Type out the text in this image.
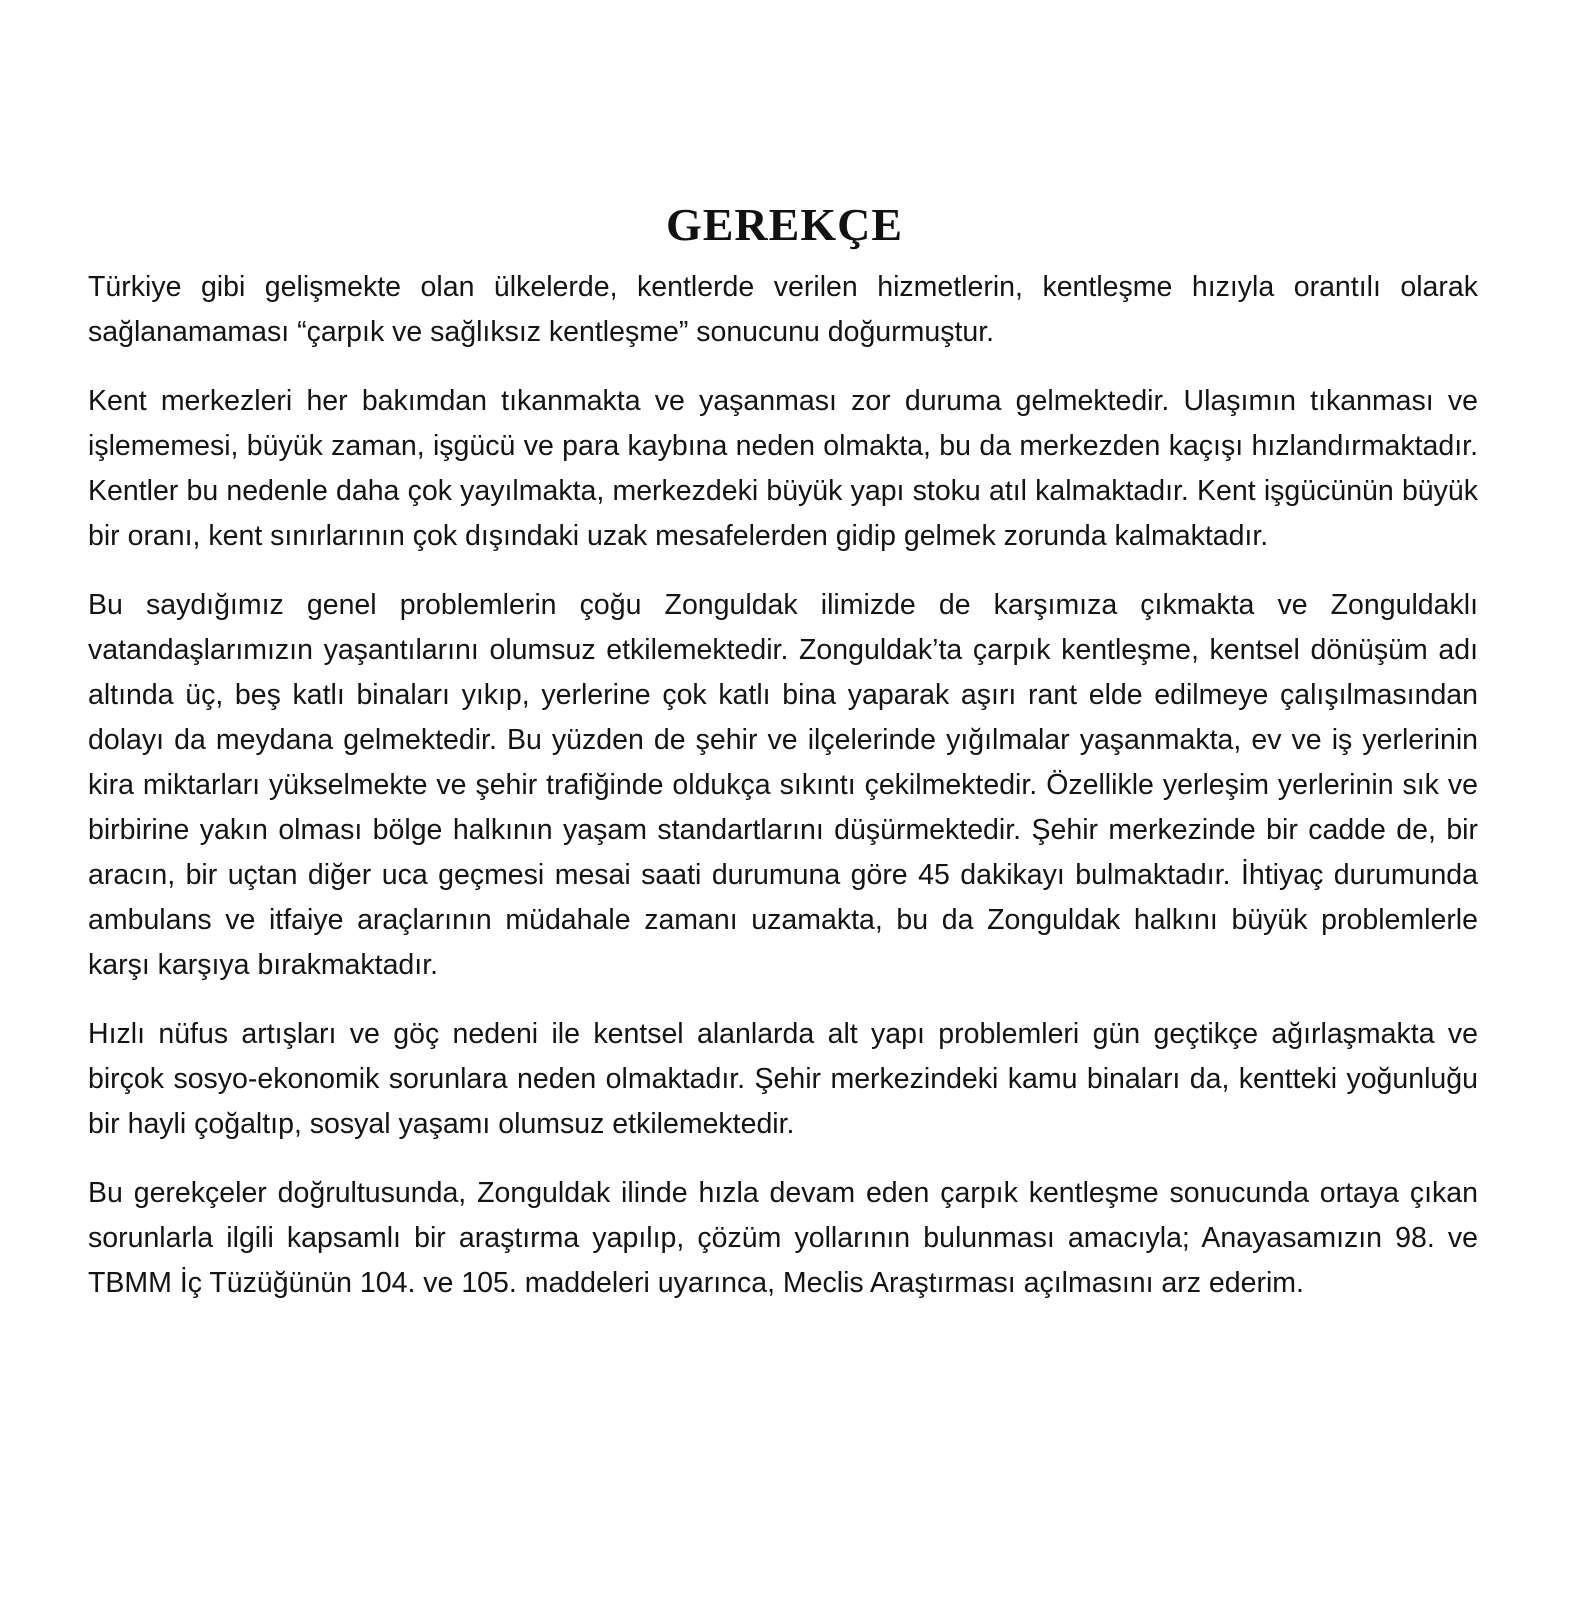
GEREKÇE

Türkiye gibi gelişmekte olan ülkelerde, kentlerde verilen hizmetlerin, kentleşme hızıyla orantılı olarak sağlanamaması “çarpık ve sağlıksız kentleşme” sonucunu doğurmuştur.

Kent merkezleri her bakımdan tıkanmakta ve yaşanması zor duruma gelmektedir. Ulaşımın tıkanması ve işlememesi, büyük zaman, işgücü ve para kaybına neden olmakta, bu da merkezden kaçışı hızlandırmaktadır. Kentler bu nedenle daha çok yayılmakta, merkezdeki büyük yapı stoku atıl kalmaktadır. Kent işgücünün büyük bir oranı, kent sınırlarının çok dışındaki uzak mesafelerden gidip gelmek zorunda kalmaktadır.

Bu saydığımız genel problemlerin çoğu Zonguldak ilimizde de karşımıza çıkmakta ve Zonguldaklı vatandaşlarımızın yaşantılarını olumsuz etkilemektedir. Zonguldak’ta çarpık kentleşme, kentsel dönüşüm adı altında üç, beş katlı binaları yıkıp, yerlerine çok katlı bina yaparak aşırı rant elde edilmeye çalışılmasından dolayı da meydana gelmektedir. Bu yüzden de şehir ve ilçelerinde yığılmalar yaşanmakta, ev ve iş yerlerinin kira miktarları yükselmekte ve şehir trafiğinde oldukça sıkıntı çekilmektedir. Özellikle yerleşim yerlerinin sık ve birbirine yakın olması bölge halkının yaşam standartlarını düşürmektedir. Şehir merkezinde bir cadde de, bir aracın, bir uçtan diğer uca geçmesi mesai saati durumuna göre 45 dakikayı bulmaktadır. İhtiyaç durumunda ambulans ve itfaiye araçlarının müdahale zamanı uzamakta, bu da Zonguldak halkını büyük problemlerle karşı karşıya bırakmaktadır.

Hızlı nüfus artışları ve göç nedeni ile kentsel alanlarda alt yapı problemleri gün geçtikçe ağırlaşmakta ve birçok sosyo-ekonomik sorunlara neden olmaktadır. Şehir merkezindeki kamu binaları da, kentteki yoğunluğu bir hayli çoğaltıp, sosyal yaşamı olumsuz etkilemektedir.

Bu gerekçeler doğrultusunda, Zonguldak ilinde hızla devam eden çarpık kentleşme sonucunda ortaya çıkan sorunlarla ilgili kapsamlı bir araştırma yapılıp, çözüm yollarının bulunması amacıyla; Anayasamızın 98. ve TBMM İç Tüzüğünün 104. ve 105. maddeleri uyarınca, Meclis Araştırması açılmasını arz ederim.
